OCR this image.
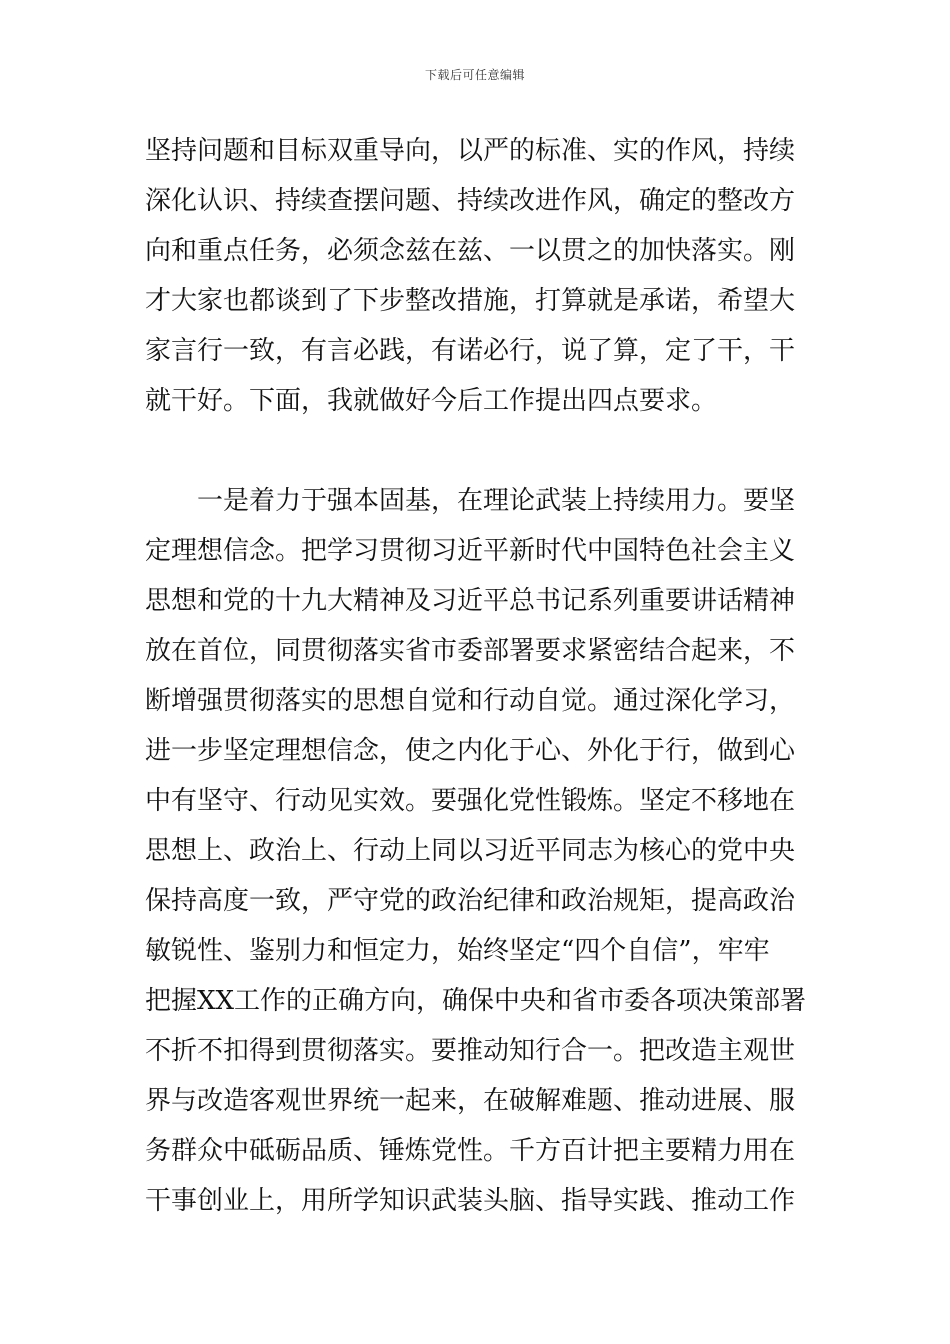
下载后可任意编辑
坚持问题和目标双重导向，以严的标准、实的作风，持续
深化认识、持续查摆问题、持续改进作风，确定的整改方
向和重点任务，必须念兹在兹、一以贯之的加快落实。刚
才大家也都谈到了下步整改措施，打算就是承诺，希望大
家言行一致，有言必践，有诺必行，说了算，定了干，干
就干好。下面，我就做好今后工作提出四点要求。
　　一是着力于强本固基，在理论武装上持续用力。要坚
定理想信念。把学习贯彻习近平新时代中国特色社会主义
思想和党的十九大精神及习近平总书记系列重要讲话精神
放在首位，同贯彻落实省市委部署要求紧密结合起来，不
断增强贯彻落实的思想自觉和行动自觉。通过深化学习，
进一步坚定理想信念，使之内化于心、外化于行，做到心
中有坚守、行动见实效。要强化党性锻炼。坚定不移地在
思想上、政治上、行动上同以习近平同志为核心的党中央
保持高度一致，严守党的政治纪律和政治规矩，提高政治
敏锐性、鉴别力和恒定力，始终坚定“四个自信”，牢牢
把握XX工作的正确方向，确保中央和省市委各项决策部署
不折不扣得到贯彻落实。要推动知行合一。把改造主观世
界与改造客观世界统一起来，在破解难题、推动进展、服
务群众中砥砺品质、锤炼党性。千方百计把主要精力用在
干事创业上，用所学知识武装头脑、指导实践、推动工作
